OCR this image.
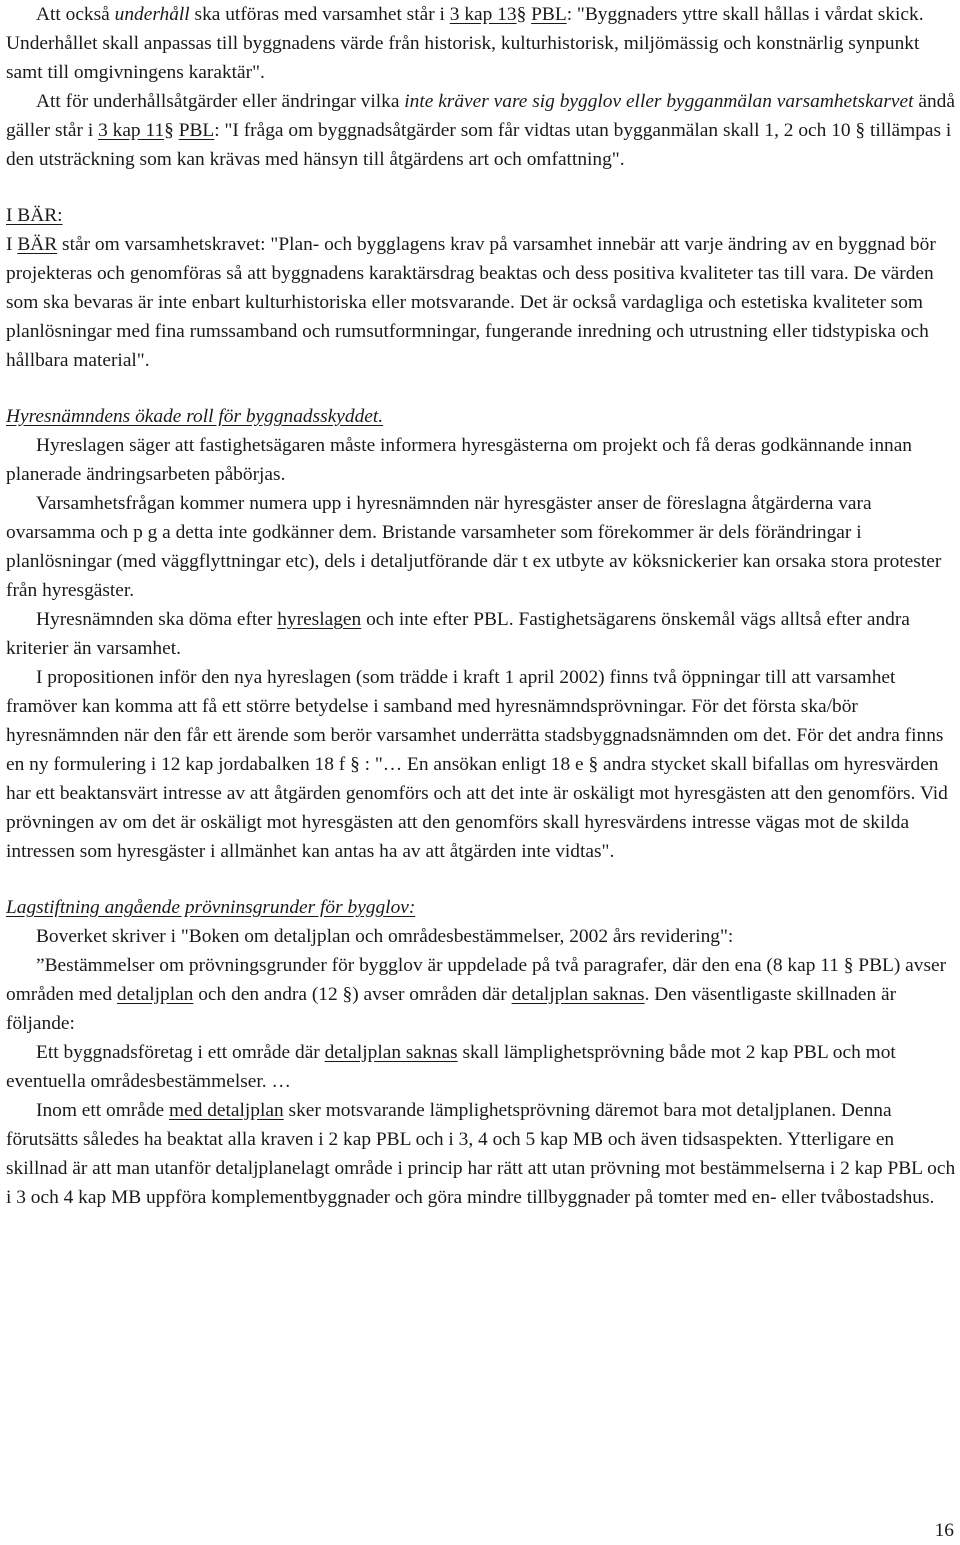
Att också underhåll ska utföras med varsamhet står i 3 kap 13§ PBL: "Byggnaders yttre skall hållas i vårdat skick. Underhållet skall anpassas till byggnadens värde från historisk, kulturhistorisk, miljömässig och konstnärlig synpunkt samt till omgivningens karaktär".

Att för underhållsåtgärder eller ändringar vilka inte kräver vare sig bygglov eller bygganmälan varsamhetskarvet ändå gäller står i 3 kap 11§ PBL: "I fråga om byggnadsåtgärder som får vidtas utan bygganmälan skall 1, 2 och 10 § tillämpas i den utsträckning som kan krävas med hänsyn till åtgärdens art och omfattning".

I BÄR:

I BÄR står om varsamhetskravet: "Plan- och bygglagens krav på varsamhet innebär att varje ändring av en byggnad bör projekteras och genomföras så att byggnadens karaktärsdrag beaktas och dess positiva kvaliteter tas till vara. De värden som ska bevaras är inte enbart kulturhistoriska eller motsvarande. Det är också vardagliga och estetiska kvaliteter som planlösningar med fina rumssamband och rumsutformningar, fungerande inredning och utrustning eller tidstypiska och hållbara material".

Hyresnämndens ökade roll för byggnadsskyddet.

Hyreslagen säger att fastighetsägaren måste informera hyresgästerna om projekt och få deras godkännande innan planerade ändringsarbeten påbörjas.

Varsamhetsfrågan kommer numera upp i hyresnämnden när hyresgäster anser de föreslagna åtgärderna vara ovarsamma och p g a detta inte godkänner dem. Bristande varsamheter som förekommer är dels förändringar i planlösningar (med väggflyttningar etc), dels i detaljutförande där t ex utbyte av köksnickerier kan orsaka stora protester från hyresgäster.

Hyresnämnden ska döma efter hyreslagen och inte efter PBL. Fastighetsägarens önskemål vägs alltså efter andra kriterier än varsamhet.

I propositionen inför den nya hyreslagen (som trädde i kraft 1 april 2002) finns två öppningar till att varsamhet framöver kan komma att få ett större betydelse i samband med hyresnämndsprövningar. För det första ska/bör hyresnämnden när den får ett ärende som berör varsamhet underrätta stadsbyggnadsnämnden om det. För det andra finns en ny formulering i 12 kap jordabalken 18 f § : "… En ansökan enligt 18 e § andra stycket skall bifallas om hyresvärden har ett beaktansvärt intresse av att åtgärden genomförs och att det inte är oskäligt mot hyresgästen att den genomförs. Vid prövningen av om det är oskäligt mot hyresgästen att den genomförs skall hyresvärdens intresse vägas mot de skilda intressen som hyresgäster i allmänhet kan antas ha av att åtgärden inte vidtas".

Lagstiftning angående prövninsgrunder för bygglov:

Boverket skriver i "Boken om detaljplan och områdesbestämmelser, 2002 års revidering":

”Bestämmelser om prövningsgrunder för bygglov är uppdelade på två paragrafer, där den ena (8 kap 11 § PBL) avser områden med detaljplan och den andra (12 §) avser områden där detaljplan saknas. Den väsentligaste skillnaden är följande:

Ett byggnadsföretag i ett område där detaljplan saknas skall lämplighetsprövning både mot 2 kap PBL och mot eventuella områdesbestämmelser. …

Inom ett område med detaljplan sker motsvarande lämplighetsprövning däremot bara mot detaljplanen. Denna förutsätts således ha beaktat alla kraven i 2 kap PBL och i 3, 4 och 5 kap MB och även tidsaspekten. Ytterligare en skillnad är att man utanför detaljplanelagt område i princip har rätt att utan prövning mot bestämmelserna i 2 kap PBL och i 3 och 4 kap MB uppföra komplementbyggnader och göra mindre tillbyggnader på tomter med en- eller tvåbostadshus.

16
